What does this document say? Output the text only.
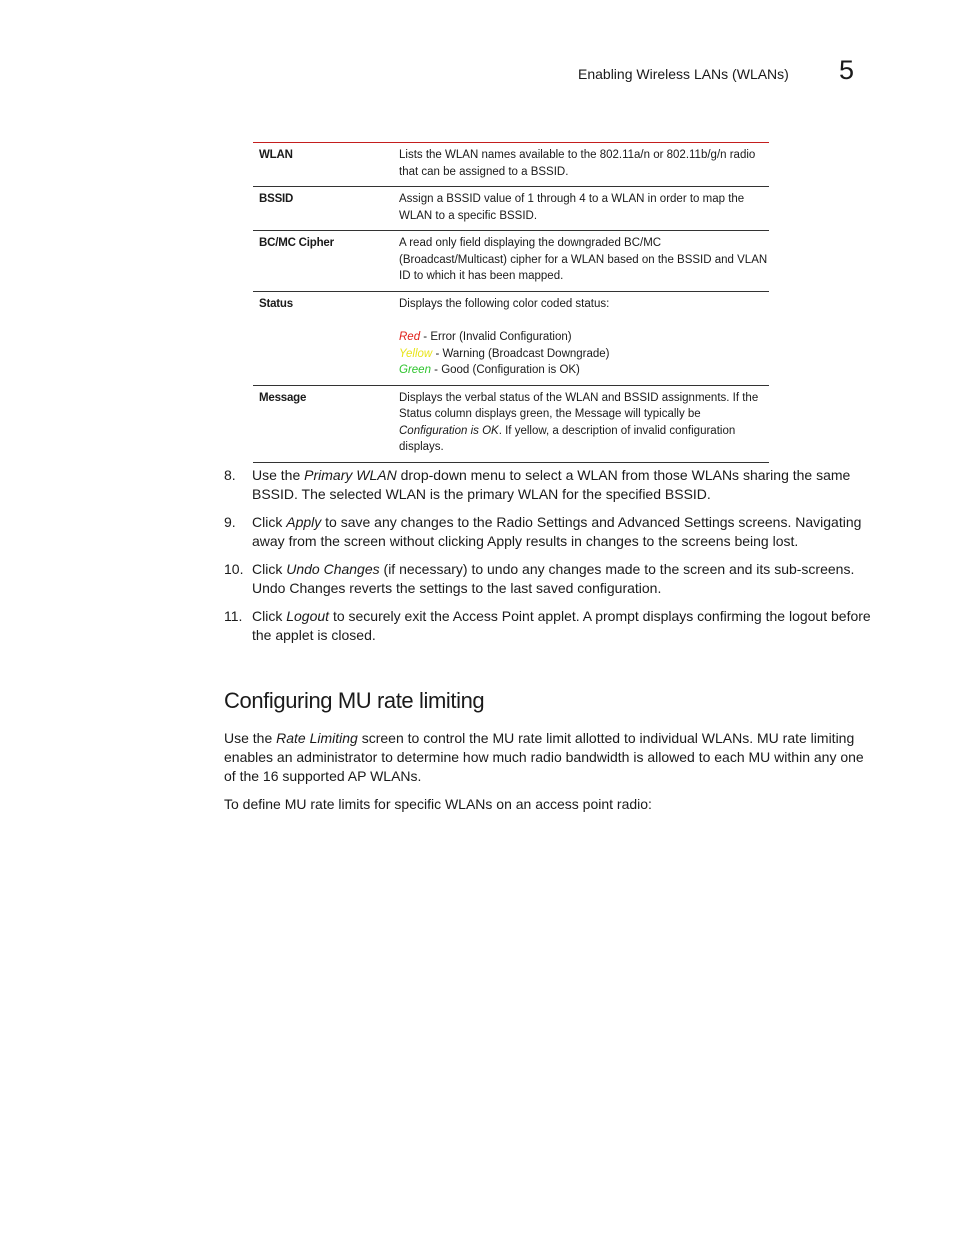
Enabling Wireless LANs (WLANs) 5
WLAN	Lists the WLAN names available to the 802.11a/n or 802.11b/g/n radio that can be assigned to a BSSID.
BSSID	Assign a BSSID value of 1 through 4 to a WLAN in order to map the WLAN to a specific BSSID.
BC/MC Cipher	A read only field displaying the downgraded BC/MC (Broadcast/Multicast) cipher for a WLAN based on the BSSID and VLAN ID to which it has been mapped.
Status	Displays the following color coded status:
Red - Error (Invalid Configuration)
Yellow - Warning (Broadcast Downgrade)
Green - Good (Configuration is OK)
Message	Displays the verbal status of the WLAN and BSSID assignments. If the Status column displays green, the Message will typically be Configuration is OK. If yellow, a description of invalid configuration displays.
8.	Use the Primary WLAN drop-down menu to select a WLAN from those WLANs sharing the same BSSID. The selected WLAN is the primary WLAN for the specified BSSID.
9.	Click Apply to save any changes to the Radio Settings and Advanced Settings screens. Navigating away from the screen without clicking Apply results in changes to the screens being lost.
10. Click Undo Changes (if necessary) to undo any changes made to the screen and its sub-screens. Undo Changes reverts the settings to the last saved configuration.
11. Click Logout to securely exit the Access Point applet. A prompt displays confirming the logout before the applet is closed.
Configuring MU rate limiting
Use the Rate Limiting screen to control the MU rate limit allotted to individual WLANs. MU rate limiting enables an administrator to determine how much radio bandwidth is allowed to each MU within any one of the 16 supported AP WLANs.
To define MU rate limits for specific WLANs on an access point radio:
